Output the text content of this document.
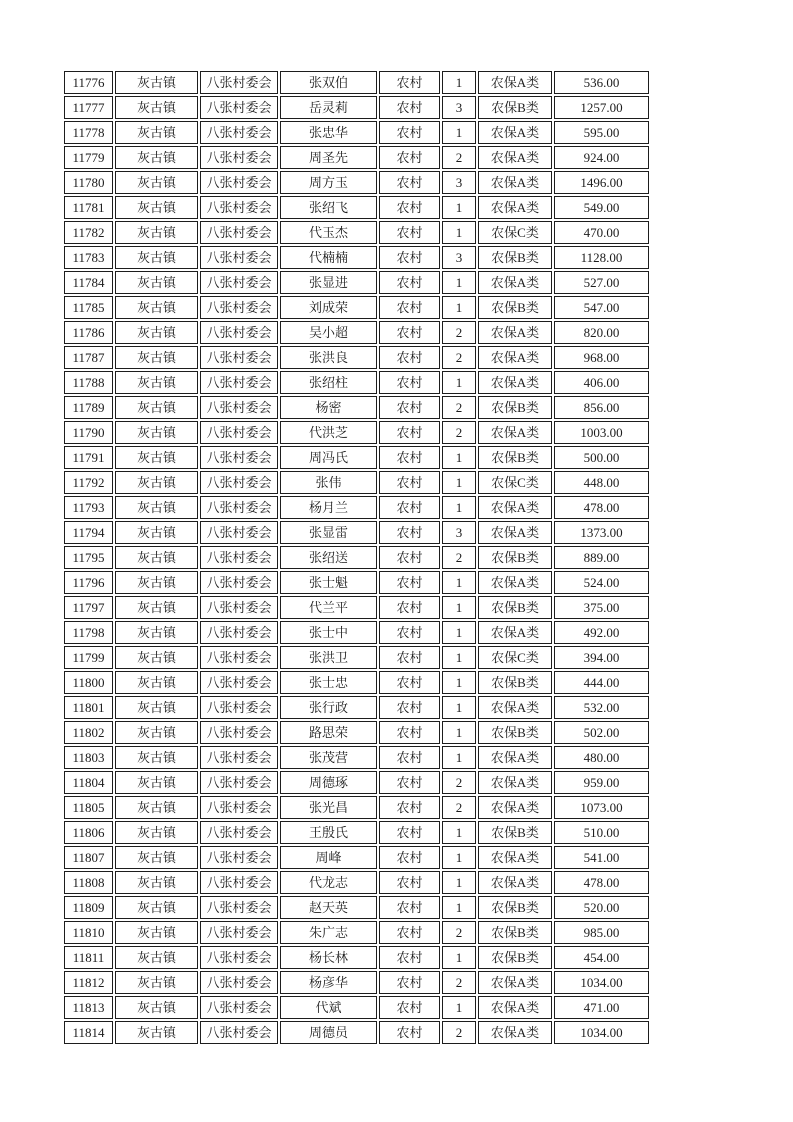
11776	灰古镇	八张村委会	张双伯	农村	1	农保A类	536.00
11777	灰古镇	八张村委会	岳灵莉	农村	3	农保B类	1257.00
11778	灰古镇	八张村委会	张忠华	农村	1	农保A类	595.00
11779	灰古镇	八张村委会	周圣先	农村	2	农保A类	924.00
11780	灰古镇	八张村委会	周方玉	农村	3	农保A类	1496.00
11781	灰古镇	八张村委会	张绍飞	农村	1	农保A类	549.00
11782	灰古镇	八张村委会	代玉杰	农村	1	农保C类	470.00
11783	灰古镇	八张村委会	代楠楠	农村	3	农保B类	1128.00
11784	灰古镇	八张村委会	张显进	农村	1	农保A类	527.00
11785	灰古镇	八张村委会	刘成荣	农村	1	农保B类	547.00
11786	灰古镇	八张村委会	吴小超	农村	2	农保A类	820.00
11787	灰古镇	八张村委会	张洪良	农村	2	农保A类	968.00
11788	灰古镇	八张村委会	张绍柱	农村	1	农保A类	406.00
11789	灰古镇	八张村委会	杨密	农村	2	农保B类	856.00
11790	灰古镇	八张村委会	代洪芝	农村	2	农保A类	1003.00
11791	灰古镇	八张村委会	周冯氏	农村	1	农保B类	500.00
11792	灰古镇	八张村委会	张伟	农村	1	农保C类	448.00
11793	灰古镇	八张村委会	杨月兰	农村	1	农保A类	478.00
11794	灰古镇	八张村委会	张显雷	农村	3	农保A类	1373.00
11795	灰古镇	八张村委会	张绍送	农村	2	农保B类	889.00
11796	灰古镇	八张村委会	张士魁	农村	1	农保A类	524.00
11797	灰古镇	八张村委会	代兰平	农村	1	农保B类	375.00
11798	灰古镇	八张村委会	张士中	农村	1	农保A类	492.00
11799	灰古镇	八张村委会	张洪卫	农村	1	农保C类	394.00
11800	灰古镇	八张村委会	张士忠	农村	1	农保B类	444.00
11801	灰古镇	八张村委会	张行政	农村	1	农保A类	532.00
11802	灰古镇	八张村委会	路思荣	农村	1	农保B类	502.00
11803	灰古镇	八张村委会	张茂营	农村	1	农保A类	480.00
11804	灰古镇	八张村委会	周德琢	农村	2	农保A类	959.00
11805	灰古镇	八张村委会	张光昌	农村	2	农保A类	1073.00
11806	灰古镇	八张村委会	王殷氏	农村	1	农保B类	510.00
11807	灰古镇	八张村委会	周峰	农村	1	农保A类	541.00
11808	灰古镇	八张村委会	代龙志	农村	1	农保A类	478.00
11809	灰古镇	八张村委会	赵天英	农村	1	农保B类	520.00
11810	灰古镇	八张村委会	朱广志	农村	2	农保B类	985.00
11811	灰古镇	八张村委会	杨长林	农村	1	农保B类	454.00
11812	灰古镇	八张村委会	杨彦华	农村	2	农保A类	1034.00
11813	灰古镇	八张村委会	代斌	农村	1	农保A类	471.00
11814	灰古镇	八张村委会	周德员	农村	2	农保A类	1034.00
